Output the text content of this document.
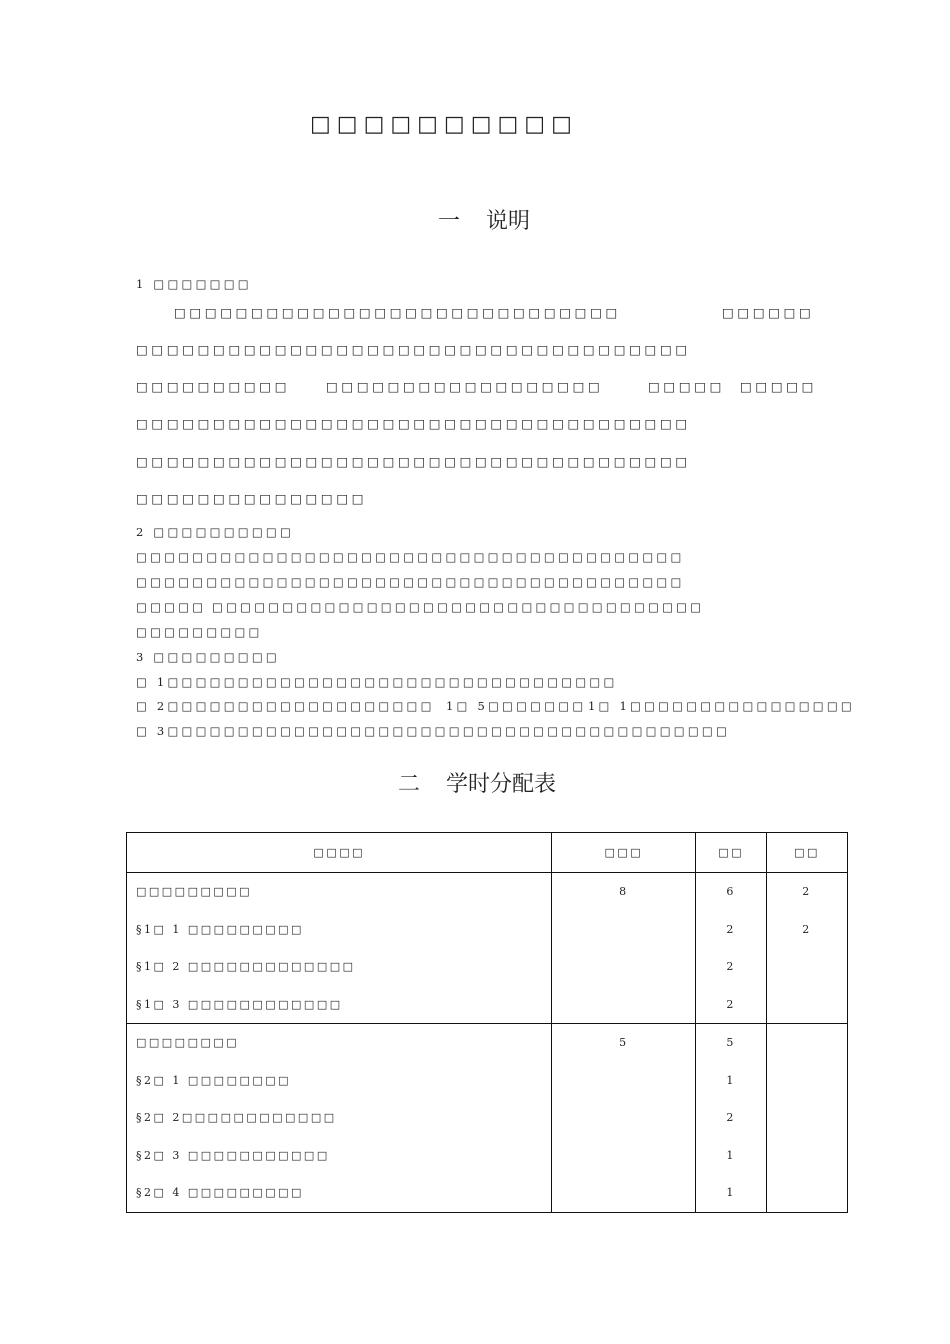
□□□□□□□□□□
一 说明
1 □□□□□□□
□□□□□□□□□□□□□□□□□□□□□□□□□□□□□	□□□□□□
□□□□□□□□□□□□□□□□□□□□□□□□□□□□□□□□□□□□
□□□□□□□□□□	□□□□□□□□□□□□□□□□□□	□□□□□ □□□□□
□□□□□□□□□□□□□□□□□□□□□□□□□□□□□□□□□□□□
□□□□□□□□□□□□□□□□□□□□□□□□□□□□□□□□□□□□
□□□□□□□□□□□□□□□
2 □□□□□□□□□□
□□□□□□□□□□□□□□□□□□□□□□□□□□□□□□□□□□□□□□□
□□□□□□□□□□□□□□□□□□□□□□□□□□□□□□□□□□□□□□□
□□□□□ □□□□□□□□□□□□□□□□□□□□□□□□□□□□□□□□□□□
□□□□□□□□□
3 □□□□□□□□□
□ 1□□□□□□□□□□□□□□□□□□□□□□□□□□□□□□□□
□ 2□□□□□□□□□□□□□□□□□□□ 1□ 5□□□□□□□ 1□ 1□□□□□□□□□□□□□□□□
□ 3□□□□□□□□□□□□□□□□□□□□□□□□□□□□□□□□□□□□□□□□
二 学时分配表
□□□□	□□□	□□	□□
□□□□□□□□□	8	6	2
§1□ 1 □□□□□□□□□		2	2
§1□ 2 □□□□□□□□□□□□□		2	
§1□ 3 □□□□□□□□□□□□		2	
□□□□□□□□	5	5	
§2□ 1 □□□□□□□□		1	
§2□ 2□□□□□□□□□□□□		2	
§2□ 3 □□□□□□□□□□□		1	
§2□ 4 □□□□□□□□□		1	
